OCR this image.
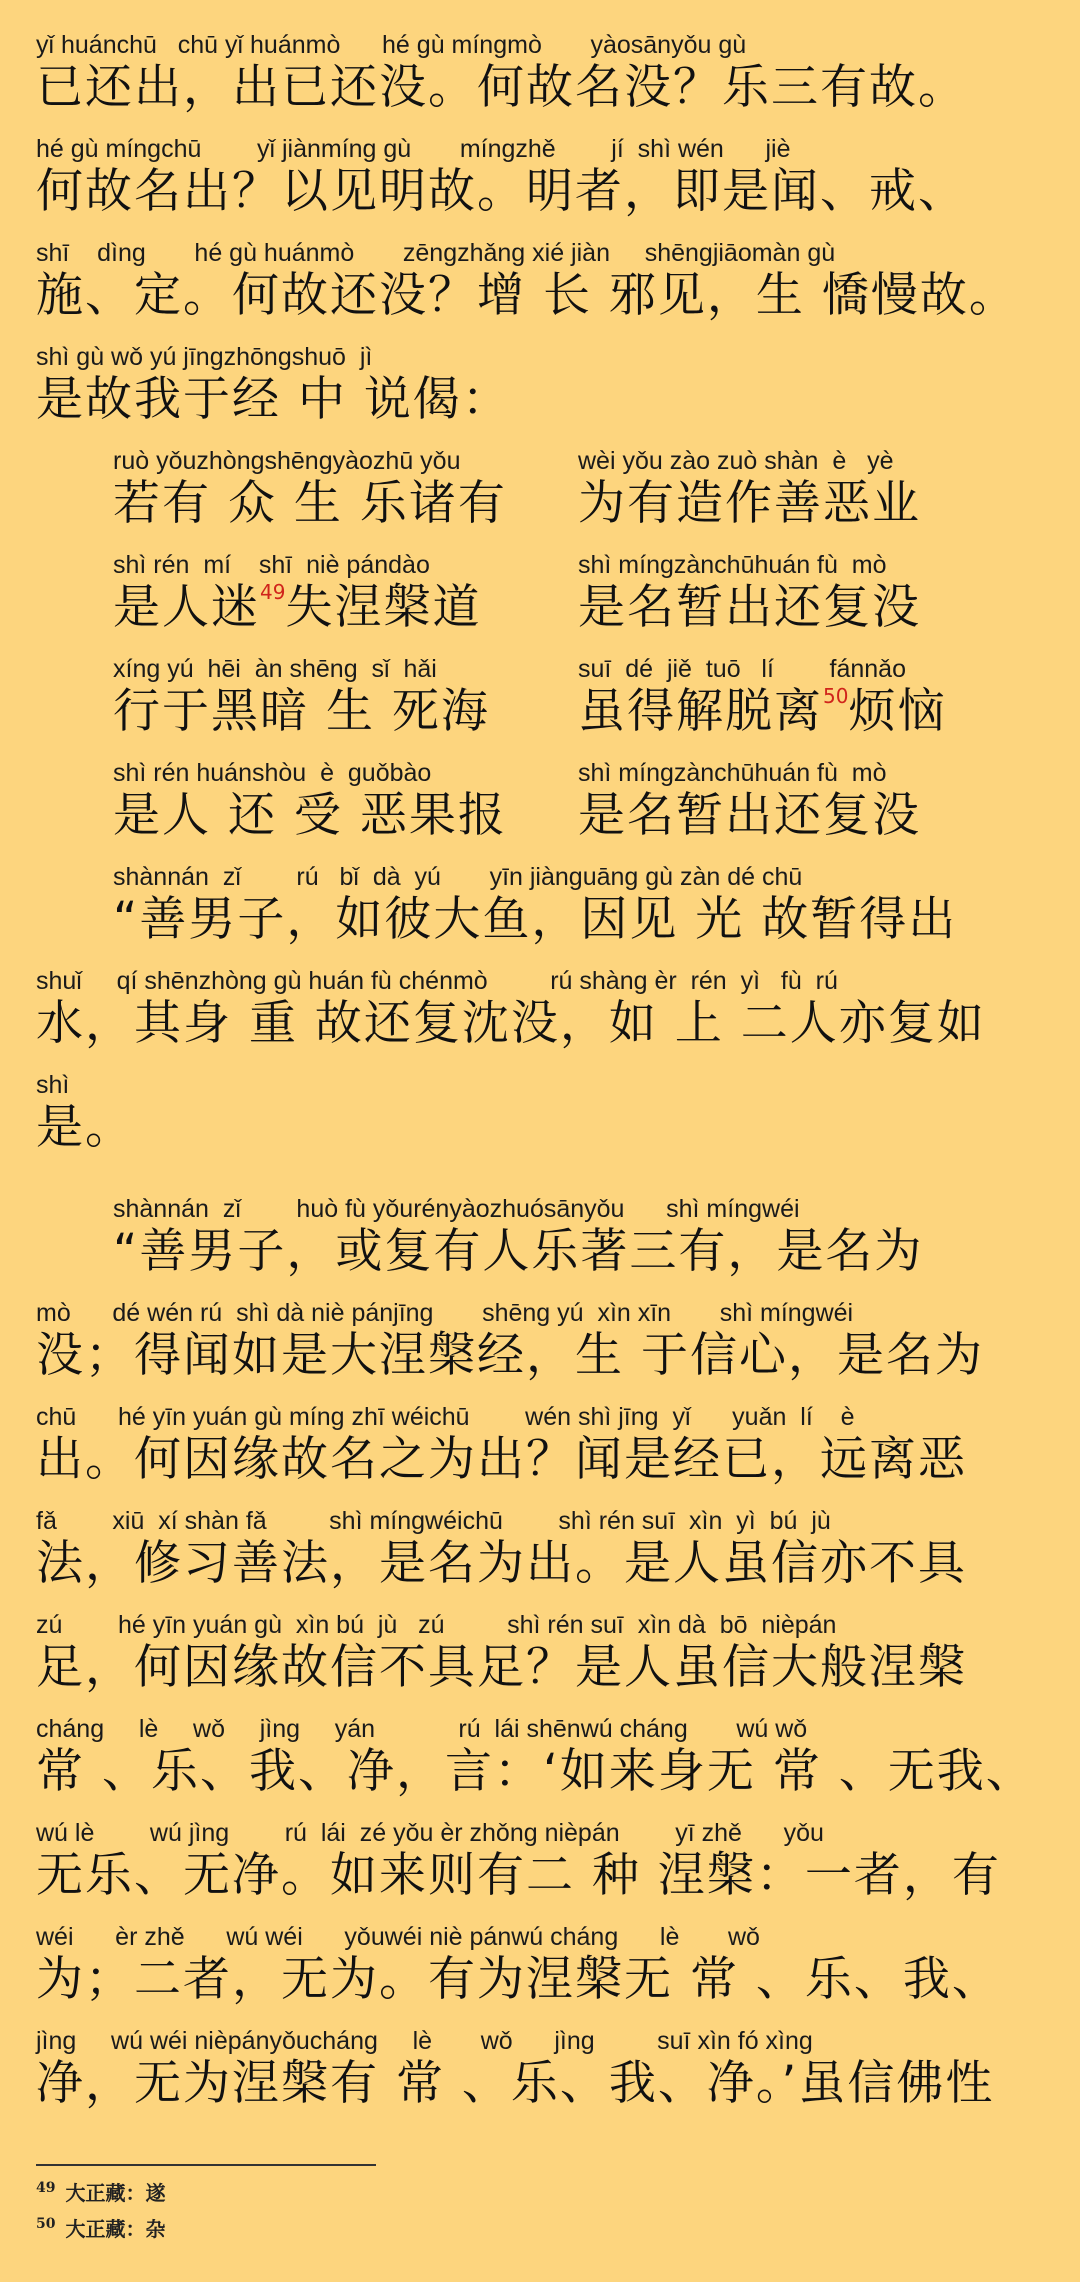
yǐ huánchū   chū yǐ huánmò      hé gù míngmò       yàosānyǒu gù
已还出，出已还没。何故名没？乐三有故。
hé gù míngchū        yǐ jiànmíng gù       míngzhě        jí  shì wén      jiè
何故名出？以见明故。明者，即是闻、戒、
shī    dìng       hé gù huánmò       zēngzhǎng xié jiàn     shēngjiāomàn gù
施、定。何故还没？增 长 邪见，生 憍慢故。
shì gù wǒ yú jīngzhōngshuō  jì
是故我于经 中 说偈：
ruò yǒuzhòngshēngyàozhū yǒu
若有 众 生 乐诸有
wèi yǒu zào zuò shàn  è   yè
为有造作善恶业
shì rén  mí    shī  niè pándào
是人迷$^{49}$失涅槃道
shì míngzànchūhuán fù  mò
是名暂出还复没
xíng yú  hēi  àn shēng  sǐ  hǎi
行于黑暗 生 死海
suī  dé  jiě  tuō   lí        fánnǎo
虽得解脱离$^{50}$烦恼
shì rén huánshòu  è  guǒbào
是人 还 受 恶果报
shì míngzànchūhuán fù  mò
是名暂出还复没
shànnán  zǐ        rú   bǐ  dà  yú       yīn jiànguāng gù zàn dé chū
“善男子，如彼大鱼，因见 光 故暂得出
shuǐ     qí shēnzhòng gù huán fù chénmò         rú shàng èr  rén  yì   fù  rú
水，其身 重 故还复沈没，如 上 二人亦复如
shì
是。
shànnán  zǐ        huò fù yǒurényàozhuósānyǒu      shì míngwéi
“善男子，或复有人乐著三有，是名为
mò      dé wén rú  shì dà niè pánjīng       shēng yú  xìn xīn       shì míngwéi
没；得闻如是大涅槃经，生 于信心，是名为
chū      hé yīn yuán gù míng zhī wéichū        wén shì jīng  yǐ      yuǎn  lí    è
出。何因缘故名之为出？闻是经已，远离恶
fǎ        xiū  xí shàn fǎ         shì míngwéichū        shì rén suī  xìn  yì  bú  jù
法，修习善法，是名为出。是人虽信亦不具
zú        hé yīn yuán gù  xìn bú  jù   zú         shì rén suī  xìn dà  bō  nièpán
足，何因缘故信不具足？是人虽信大般涅槃
cháng     lè     wǒ     jìng     yán            rú  lái shēnwú cháng       wú wǒ
常 、乐、我、净，言：‘如来身无 常 、无我、
wú lè        wú jìng        rú  lái  zé yǒu èr zhǒng nièpán        yī zhě      yǒu
无乐、无净。如来则有二 种 涅槃：一者，有
wéi      èr zhě      wú wéi      yǒuwéi niè pánwú cháng      lè       wǒ
为；二者，无为。有为涅槃无 常 、乐、我、
jìng     wú wéi nièpányǒucháng     lè       wǒ      jìng         suī xìn fó xìng
净，无为涅槃有 常 、乐、我、净。’虽信佛性
$^{49}$ 大正藏：遂
$^{50}$ 大正藏：杂
